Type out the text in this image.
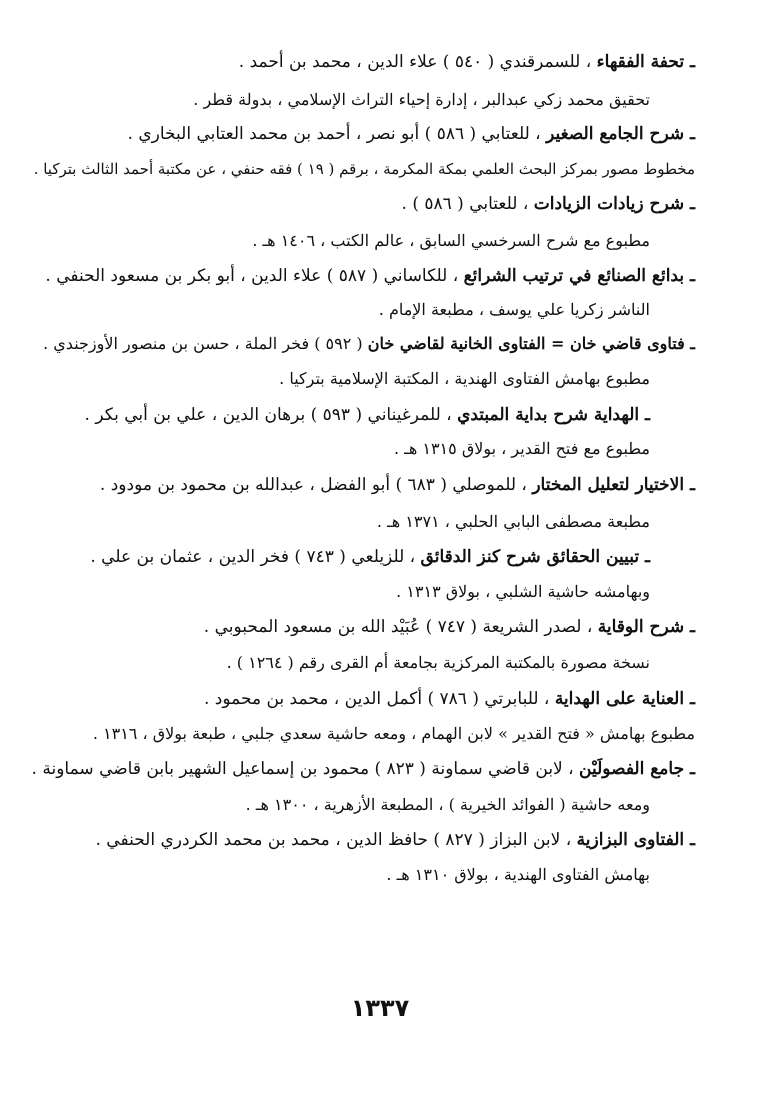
ـ تحفة الفقهاء ، للسمرقندي ( ٥٤٠ ) علاء الدين ، محمد بن أحمد .
تحقيق محمد زكي عبدالبر ، إدارة إحياء التراث الإسلامي ، بدولة قطر .
ـ شرح الجامع الصغير ، للعتابي ( ٥٨٦ ) أبو نصر ، أحمد بن محمد العتابي البخاري .
مخطوط مصور بمركز البحث العلمي بمكة المكرمة ، برقم ( ١٩ ) فقه حنفي ، عن مكتبة أحمد الثالث بتركيا .
ـ شرح زيادات الزيادات ، للعتابي ( ٥٨٦ ) .
مطبوع مع شرح السرخسي السابق ، عالم الكتب ، ١٤٠٦ هـ .
ـ بدائع الصنائع في ترتيب الشرائع ، للكاساني ( ٥٨٧ ) علاء الدين ، أبو بكر بن مسعود الحنفي .
الناشر زكريا علي يوسف ، مطبعة الإمام .
ـ فتاوى قاضي خان = الفتاوى الخانية لقاضي خان ( ٥٩٢ ) فخر الملة ، حسن بن منصور الأوزجندي .
مطبوع بهامش الفتاوى الهندية ، المكتبة الإسلامية بتركيا .
ـ الهداية شرح بداية المبتدي ، للمرغيناني ( ٥٩٣ ) برهان الدين ، علي بن أبي بكر .
مطبوع مع فتح القدير ، بولاق ١٣١٥ هـ .
ـ الاختيار لتعليل المختار ، للموصلي ( ٦٨٣ ) أبو الفضل ، عبدالله بن محمود بن مودود .
مطبعة مصطفى البابي الحلبي ، ١٣٧١ هـ .
ـ تبيين الحقائق شرح كنز الدقائق ، للزيلعي ( ٧٤٣ ) فخر الدين ، عثمان بن علي .
وبهامشه حاشية الشلبي ، بولاق ١٣١٣ .
ـ شرح الوقاية ، لصدر الشريعة ( ٧٤٧ ) عُبَيْد الله بن مسعود المحبوبي .
نسخة مصورة بالمكتبة المركزية بجامعة أم القرى رقم ( ١٢٦٤ ) .
ـ العناية على الهداية ، للبابرتي ( ٧٨٦ ) أكمل الدين ، محمد بن محمود .
مطبوع بهامش « فتح القدير » لابن الهمام ، ومعه حاشية سعدي جلبي ، طبعة بولاق ، ١٣١٦ .
ـ جامع الفصولَيْن ، لابن قاضي سماونة ( ٨٢٣ ) محمود بن إسماعيل الشهير بابن قاضي سماونة .
ومعه حاشية ( الفوائد الخيرية ) ، المطبعة الأزهرية ، ١٣٠٠ هـ .
ـ الفتاوى البزازية ، لابن البزاز ( ٨٢٧ ) حافظ الدين ، محمد بن محمد الكردري الحنفي .
بهامش الفتاوى الهندية ، بولاق ١٣١٠ هـ .
١٣٣٧
